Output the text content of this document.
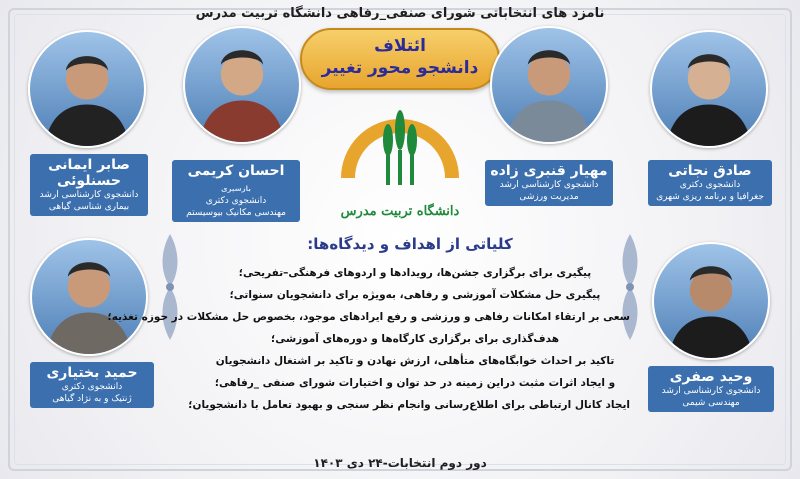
نامزد های انتخاباتی شورای صنفی_رفاهی دانشگاه تربیت مدرس
ائتلاف
دانشجو محور تغییر
دانشگاه تربیت مدرس
صابر ایمانی حسنلوئی
دانشجوی کارشناسی ارشد
بیماری شناسی گیاهی
احسان کریمی بازسپری
دانشجوی دکتری
مهندسی مکانیک بیوسیستم
مهیار قنبری زاده
دانشجوی کارشناسی ارشد
مدیریت ورزشی
صادق نجاتی
دانشجوی دکتری
جغرافیا و برنامه ریزی شهری
حمید بختیاری
دانشجوی دکتری
ژنتیک و به نژاد گیاهی
وحید صفری
دانشجوی کارشناسی ارشد
مهندسی شیمی
کلیاتی از اهداف و دیدگاه‌ها:
پیگیری برای برگزاری جشن‌ها، رویدادها و اردوهای فرهنگی–تفریحی؛
پیگیری حل مشکلات آموزشی و رفاهی، به‌ویژه برای دانشجویان سنواتی؛
سعی بر ارتقاء امکانات رفاهی و ورزشی و رفع ایرادهای موجود، بخصوص حل مشکلات در حوزه تغذیه؛
هدف‌گذاری برای برگزاری کارگاه‌ها و دوره‌های آموزشی؛
تاکید بر احداث خوابگاه‌های متأهلی، ارزش نهادن و تاکید بر اشتغال دانشجویان
و ایجاد اثرات مثبت دراین زمینه در حد توان و اختیارات شورای صنفی _رفاهی؛
ایجاد کانال ارتباطی برای اطلاع‌رسانی وانجام نظر سنجی و بهبود تعامل با دانشجویان؛
دور دوم انتخابات-۲۴ دی ۱۴۰۳
